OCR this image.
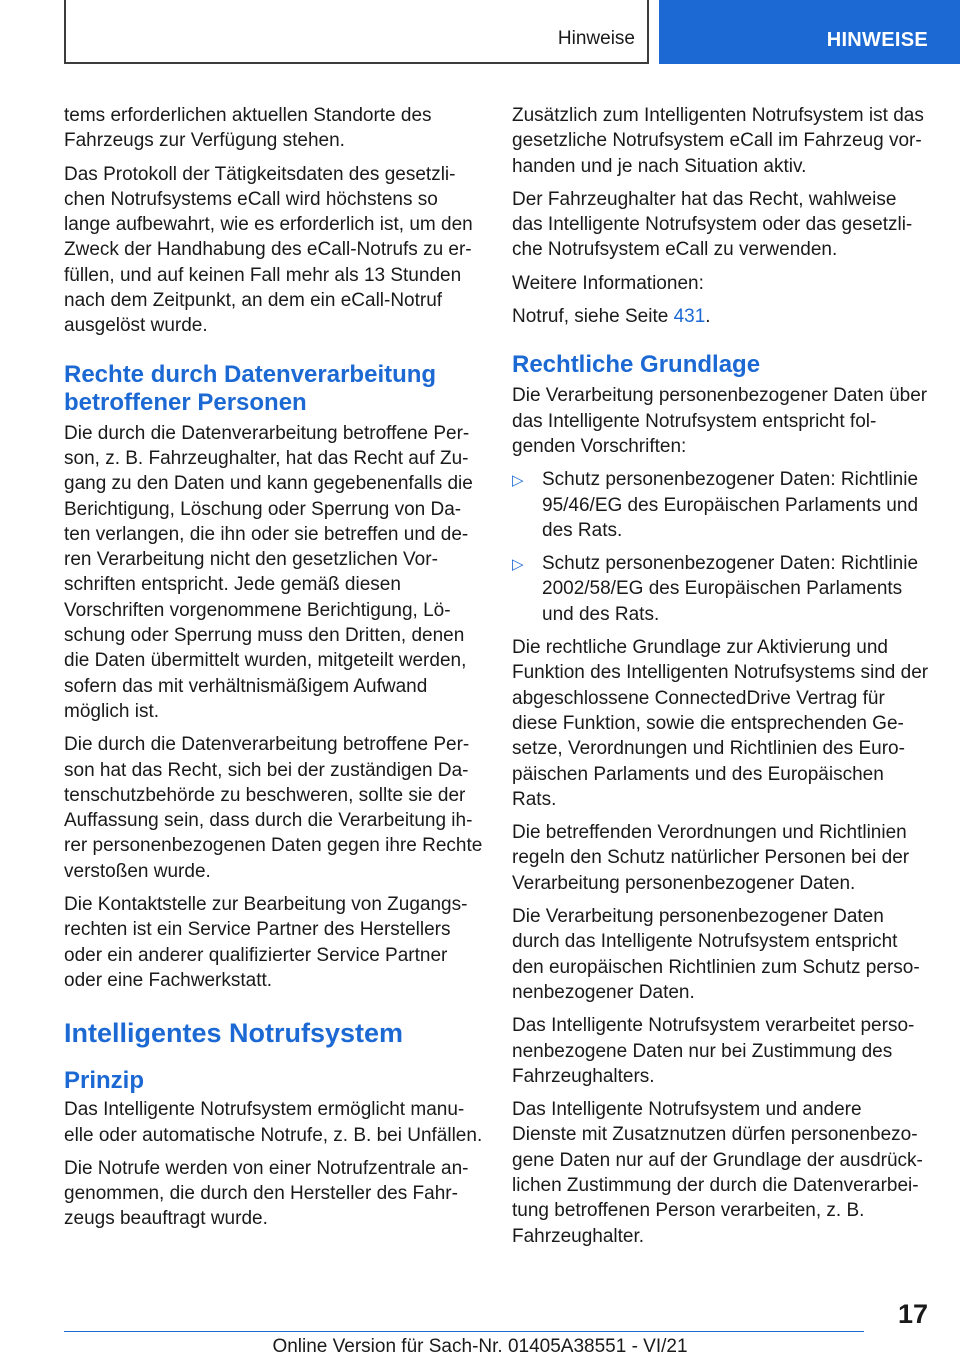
Hinweise	HINWEISE

tems erforderlichen aktuellen Standorte des Fahrzeugs zur Verfügung stehen.

Das Protokoll der Tätigkeitsdaten des gesetzli-chen Notrufsystems eCall wird höchstens so lange aufbewahrt, wie es erforderlich ist, um den Zweck der Handhabung des eCall-Notrufs zu er-füllen, und auf keinen Fall mehr als 13 Stunden nach dem Zeitpunkt, an dem ein eCall-Notruf ausgelöst wurde.

Rechte durch Datenverarbeitung betroffener Personen

Die durch die Datenverarbeitung betroffene Per-son, z. B. Fahrzeughalter, hat das Recht auf Zu-gang zu den Daten und kann gegebenenfalls die Berichtigung, Löschung oder Sperrung von Da-ten verlangen, die ihn oder sie betreffen und de-ren Verarbeitung nicht den gesetzlichen Vor-schriften entspricht. Jede gemäß diesen Vorschriften vorgenommene Berichtigung, Lö-schung oder Sperrung muss den Dritten, denen die Daten übermittelt wurden, mitgeteilt werden, sofern das mit verhältnismäßigem Aufwand möglich ist.

Die durch die Datenverarbeitung betroffene Per-son hat das Recht, sich bei der zuständigen Da-tenschutzbehörde zu beschweren, sollte sie der Auffassung sein, dass durch die Verarbeitung ih-rer personenbezogenen Daten gegen ihre Rechte verstoßen wurde.

Die Kontaktstelle zur Bearbeitung von Zugangs-rechten ist ein Service Partner des Herstellers oder ein anderer qualifizierter Service Partner oder eine Fachwerkstatt.

Intelligentes Notrufsystem
Prinzip

Das Intelligente Notrufsystem ermöglicht manu-elle oder automatische Notrufe, z. B. bei Unfällen.

Die Notrufe werden von einer Notrufzentrale an-genommen, die durch den Hersteller des Fahr-zeugs beauftragt wurde.

Zusätzlich zum Intelligenten Notrufsystem ist das gesetzliche Notrufsystem eCall im Fahrzeug vor-handen und je nach Situation aktiv.

Der Fahrzeughalter hat das Recht, wahlweise das Intelligente Notrufsystem oder das gesetzli-che Notrufsystem eCall zu verwenden.

Weitere Informationen:

Notruf, siehe Seite 431.

Rechtliche Grundlage

Die Verarbeitung personenbezogener Daten über das Intelligente Notrufsystem entspricht fol-genden Vorschriften:

▷ Schutz personenbezogener Daten: Richtlinie 95/46/EG des Europäischen Parlaments und des Rats.
▷ Schutz personenbezogener Daten: Richtlinie 2002/58/EG des Europäischen Parlaments und des Rats.

Die rechtliche Grundlage zur Aktivierung und Funktion des Intelligenten Notrufsystems sind der abgeschlossene ConnectedDrive Vertrag für diese Funktion, sowie die entsprechenden Ge-setze, Verordnungen und Richtlinien des Euro-päischen Parlaments und des Europäischen Rats.

Die betreffenden Verordnungen und Richtlinien regeln den Schutz natürlicher Personen bei der Verarbeitung personenbezogener Daten.

Die Verarbeitung personenbezogener Daten durch das Intelligente Notrufsystem entspricht den europäischen Richtlinien zum Schutz perso-nenbezogener Daten.

Das Intelligente Notrufsystem verarbeitet perso-nenbezogene Daten nur bei Zustimmung des Fahrzeughalters.

Das Intelligente Notrufsystem und andere Dienste mit Zusatznutzen dürfen personenbezo-gene Daten nur auf der Grundlage der ausdrück-lichen Zustimmung der durch die Datenverarbei-tung betroffenen Person verarbeiten, z. B. Fahrzeughalter.

17
Online Version für Sach-Nr. 01405A38551 - VI/21
